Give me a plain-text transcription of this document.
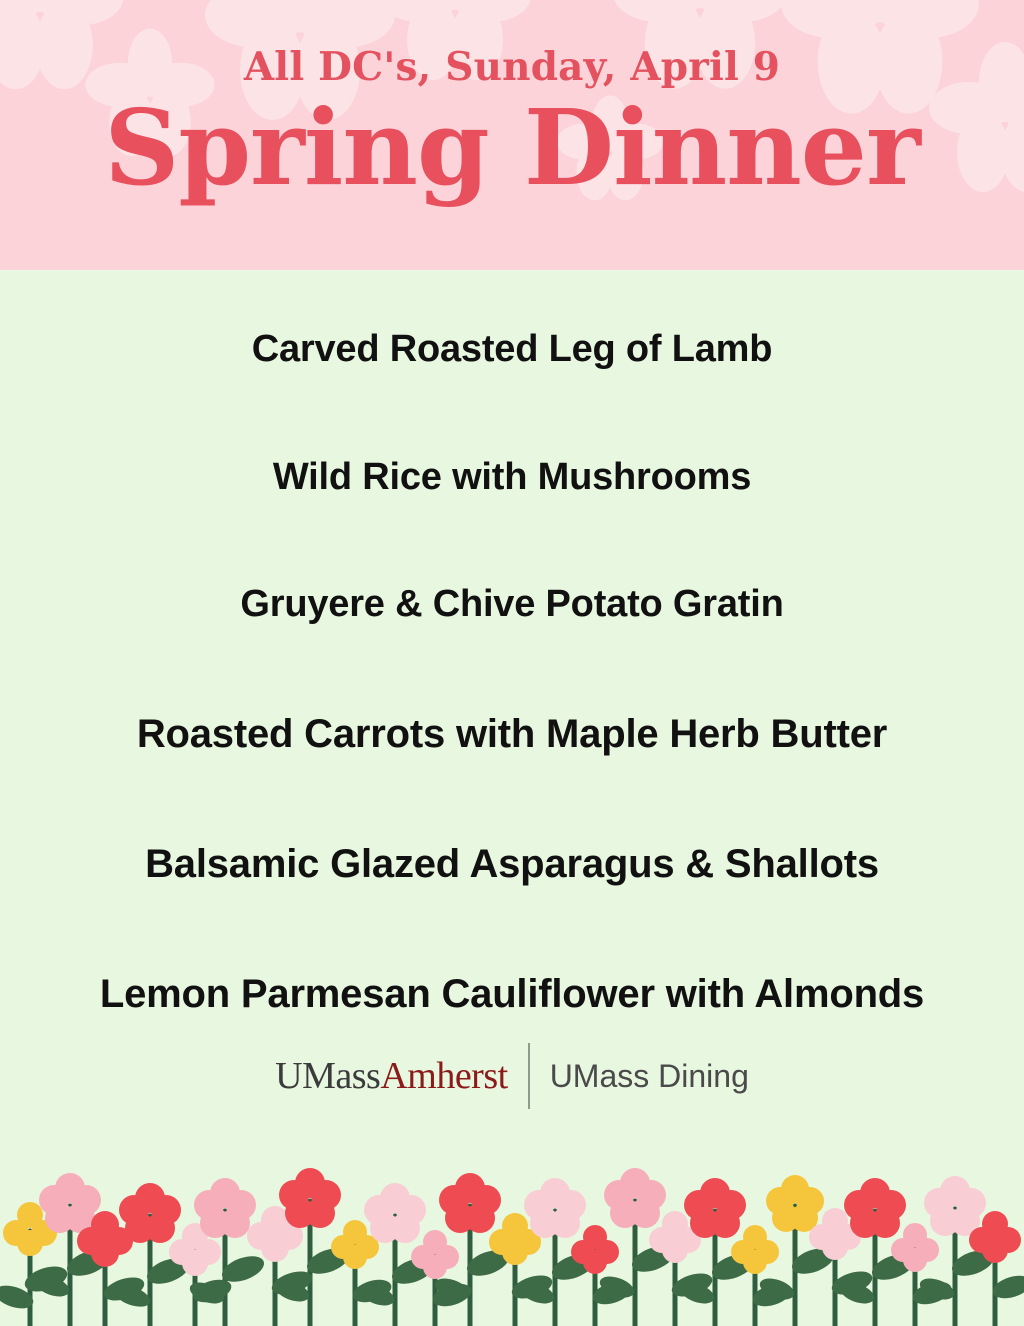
All DC's, Sunday, April 9

Spring Dinner

Carved Roasted Leg of Lamb

Wild Rice with Mushrooms

Gruyere & Chive Potato Gratin

Roasted Carrots with Maple Herb Butter

Balsamic Glazed Asparagus & Shallots

Lemon Parmesan Cauliflower with Almonds

UMassAmherst UMass Dining
